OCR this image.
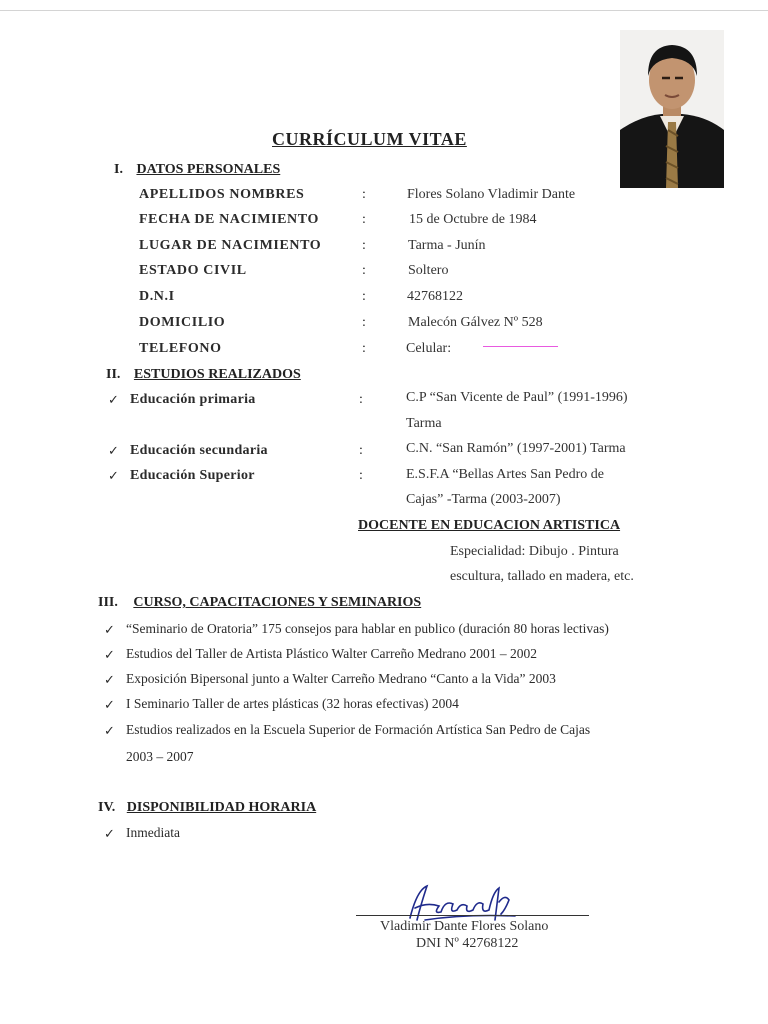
CURRÍCULUM VITAE
I. DATOS PERSONALES
APELLIDOS NOMBRES	:	Flores Solano Vladimir Dante
FECHA DE NACIMIENTO	:	15 de Octubre de 1984
LUGAR DE NACIMIENTO	:	Tarma - Junín
ESTADO CIVIL	:	Soltero
D.N.I	:	42768122
DOMICILIO	:	Malecón Gálvez Nº 528
TELEFONO	:	Celular:
II. ESTUDIOS REALIZADOS
✓ Educación primaria	:	C.P “San Vicente de Paul” (1991-1996)
Tarma
✓ Educación secundaria	:	C.N. “San Ramón” (1997-2001) Tarma
✓ Educación Superior	:	E.S.F.A “Bellas Artes San Pedro de
Cajas” -Tarma (2003-2007)
DOCENTE EN EDUCACION ARTISTICA
Especialidad: Dibujo . Pintura
escultura, tallado en madera, etc.
III. CURSO, CAPACITACIONES Y SEMINARIOS
✓ “Seminario de Oratoria” 175 consejos para hablar en publico (duración 80 horas lectivas)
✓ Estudios del Taller de Artista Plástico Walter Carreño Medrano 2001 – 2002
✓ Exposición Bipersonal junto a Walter Carreño Medrano “Canto a la Vida” 2003
✓ I Seminario Taller de artes plásticas (32 horas efectivas) 2004
✓ Estudios realizados en la Escuela Superior de Formación Artística San Pedro de Cajas
2003 – 2007
IV. DISPONIBILIDAD HORARIA
✓ Inmediata
Vladimir Dante Flores Solano
DNI Nº 42768122
